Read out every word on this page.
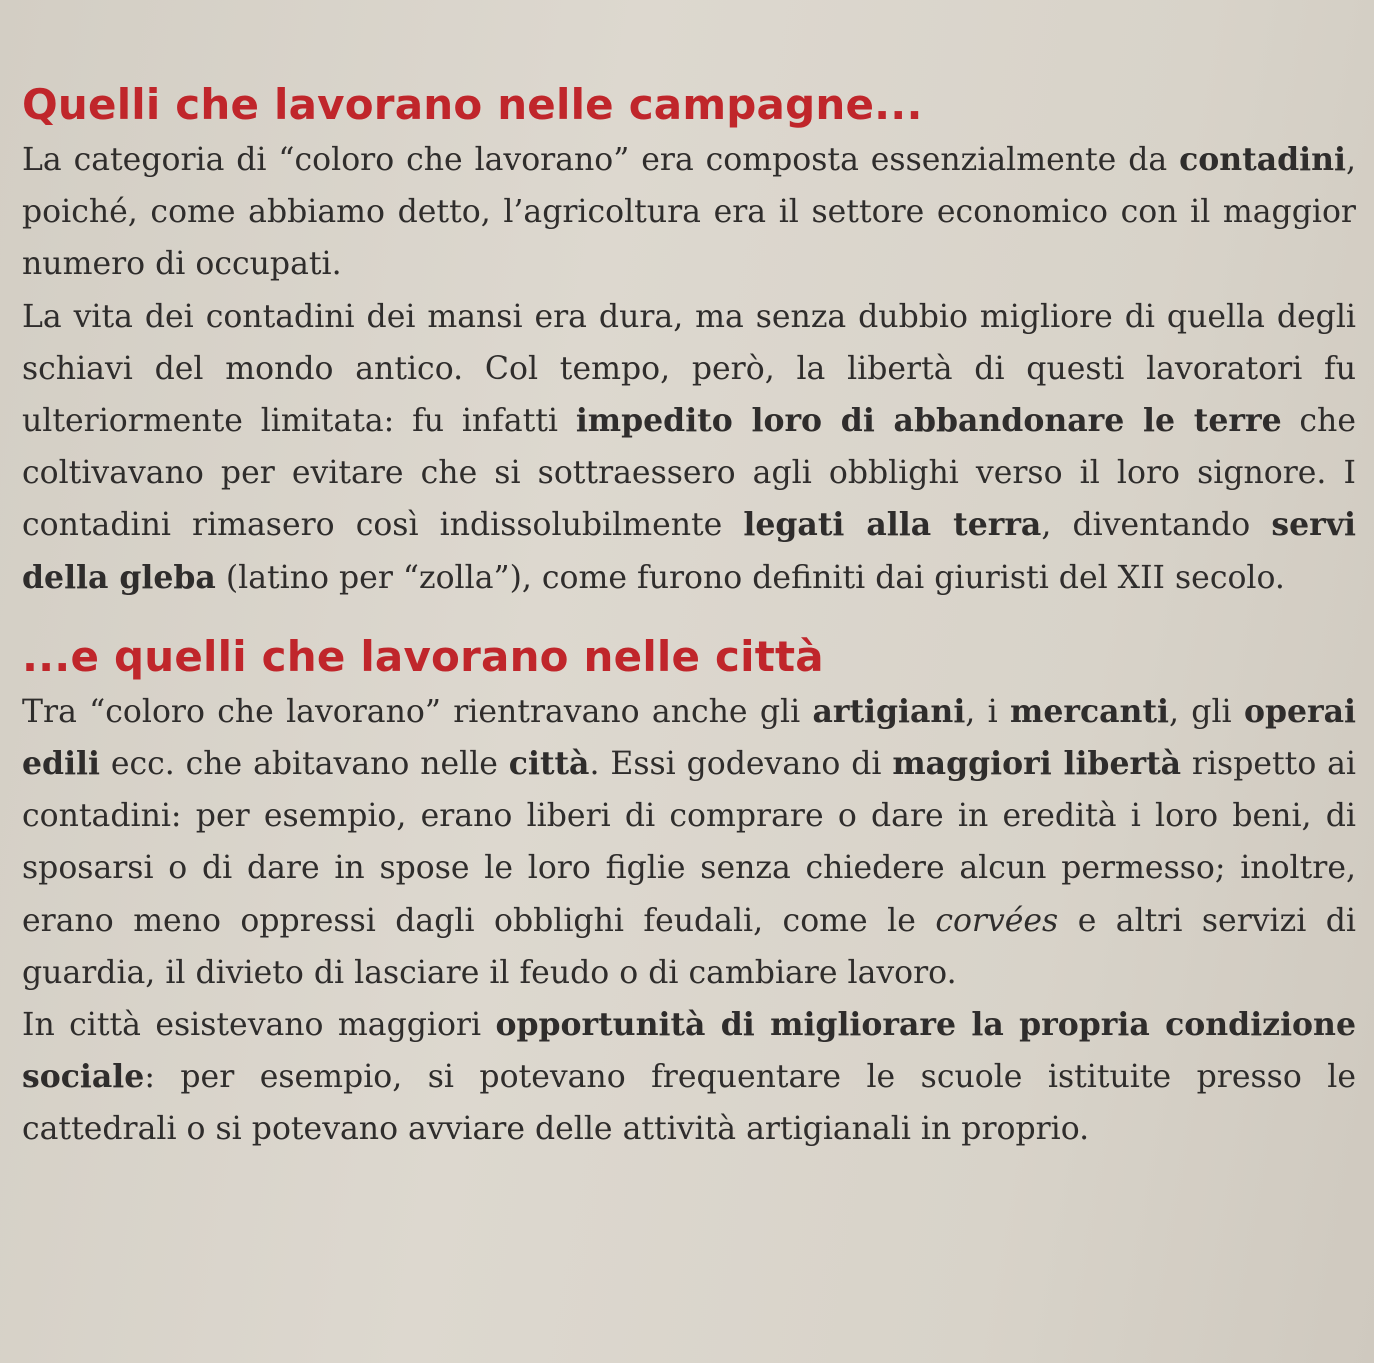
Quelli che lavorano nelle campagne...

La categoria di “coloro che lavorano” era composta essenzialmente da contadini, poiché, come abbiamo detto, l’agricoltura era il settore economico con il maggior numero di occupati.

La vita dei contadini dei mansi era dura, ma senza dubbio migliore di quella degli schiavi del mondo antico. Col tempo, però, la libertà di questi lavoratori fu ulteriormente limitata: fu infatti impedito loro di abbandonare le terre che coltivavano per evitare che si sottraessero agli obblighi verso il loro signore. I contadini rimasero così indissolubilmente legati alla terra, diventando servi della gleba (latino per “zolla”), come furono definiti dai giuristi del XII secolo.

...e quelli che lavorano nelle città

Tra “coloro che lavorano” rientravano anche gli artigiani, i mercanti, gli operai edili ecc. che abitavano nelle città. Essi godevano di maggiori libertà rispetto ai contadini: per esempio, erano liberi di comprare o dare in eredità i loro beni, di sposarsi o di dare in spose le loro figlie senza chiedere alcun permesso; inoltre, erano meno oppressi dagli obblighi feudali, come le corvées e altri servizi di guardia, il divieto di lasciare il feudo o di cambiare lavoro.

In città esistevano maggiori opportunità di migliorare la propria condizione sociale: per esempio, si potevano frequentare le scuole istituite presso le cattedrali o si potevano avviare delle attività artigianali in proprio.
